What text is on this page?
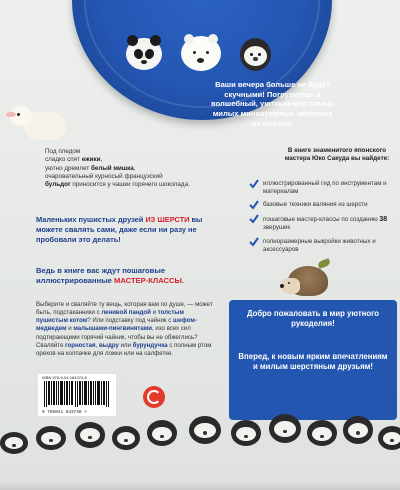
Ваши вечера больше не будут скучными! Погрузитесь в волшебный, уютный мир самых милых миниатюрных зверушек из шерсти!
Под пледом
сладко спят ежики,
уютно дремлет белый мишка,
очаровательный курносый французский
бульдог приносится у чашки горячего шоколада.
Маленьких пушистых друзей ИЗ ШЕРСТИ вы можете свалять сами, даже если ни разу не пробовали это делать!
Ведь в книге вас ждут пошаговые иллюстрированные МАСТЕР-КЛАССЫ.
Выберите и сваляйте ту вещь, которая вам по душе, — может быть, подстаканники с ленивой пандой и толстым пушистым котом? Или подставку под чайник с шефом-медведем и малышами-пингвинятами, изо всех сил подтирающими горячий чайник, чтобы вы не обжеглись? Сваляйте горностая, выдру или бурундучка с полным ртом орехов на колпачке для ложки или на салфетке.
ISBN 978-5-04-184374-8
9 785041 843748 >
В книге знаменитого японского мастера Юко Сакуда вы найдете:
иллюстрированный гид по инструментам и материалам
базовые техники валяния из шерсти
пошаговые мастер-классы по созданию 38 зверушек
полноразмерные выкройки животных и аксессуаров
Добро пожаловать в мир уютного рукоделия!
Вперед, к новым ярким впечатлениям и милым шерстяным друзьям!
